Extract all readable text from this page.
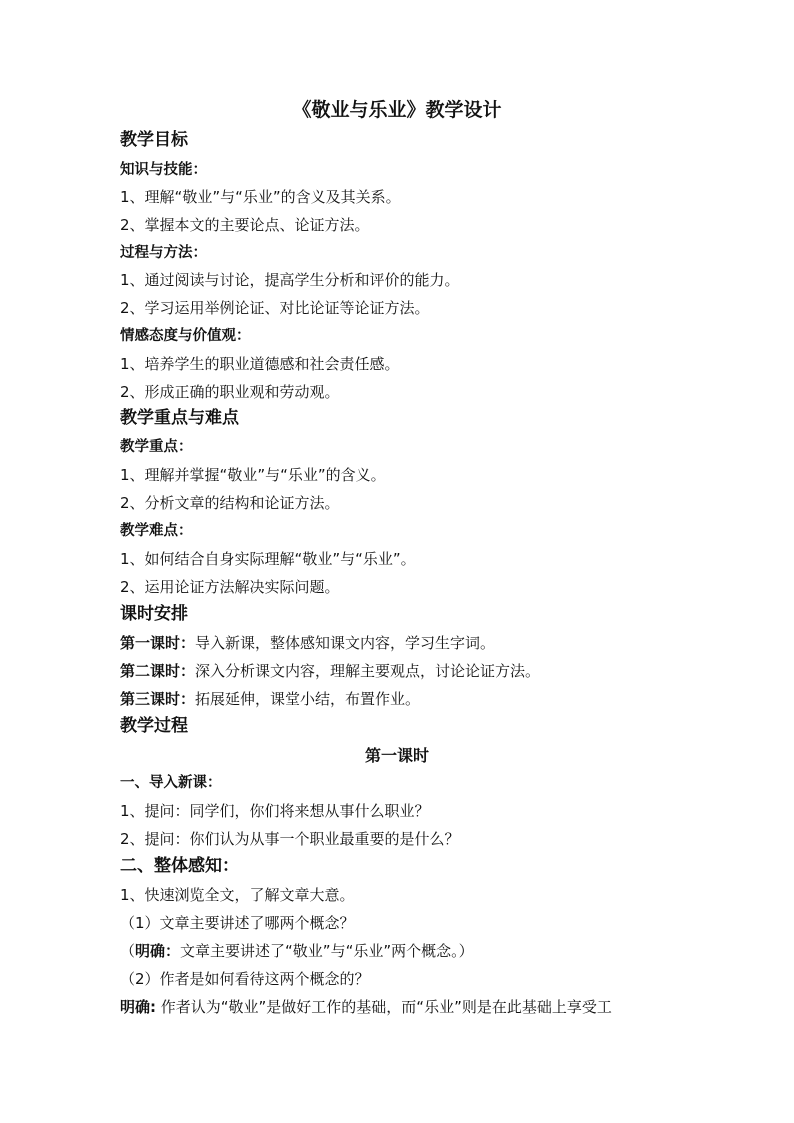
《敬业与乐业》教学设计
教学目标
知识与技能：
1、理解“敬业”与“乐业”的含义及其关系。
2、掌握本文的主要论点、论证方法。
过程与方法：
1、通过阅读与讨论，提高学生分析和评价的能力。
2、学习运用举例论证、对比论证等论证方法。
情感态度与价值观：
1、培养学生的职业道德感和社会责任感。
2、形成正确的职业观和劳动观。
教学重点与难点
教学重点：
1、理解并掌握“敬业”与“乐业”的含义。
2、分析文章的结构和论证方法。
教学难点：
1、如何结合自身实际理解“敬业”与“乐业”。
2、运用论证方法解决实际问题。
课时安排
第一课时：导入新课，整体感知课文内容，学习生字词。
第二课时：深入分析课文内容，理解主要观点，讨论论证方法。
第三课时：拓展延伸，课堂小结，布置作业。
教学过程
第一课时
一、导入新课：
1、提问：同学们，你们将来想从事什么职业？
2、提问：你们认为从事一个职业最重要的是什么？
二、整体感知：
1、快速浏览全文，了解文章大意。
（1）文章主要讲述了哪两个概念？
（明确：文章主要讲述了“敬业”与“乐业”两个概念。）
（2）作者是如何看待这两个概念的？
明确: 作者认为“敬业”是做好工作的基础，而“乐业”则是在此基础上享受工
